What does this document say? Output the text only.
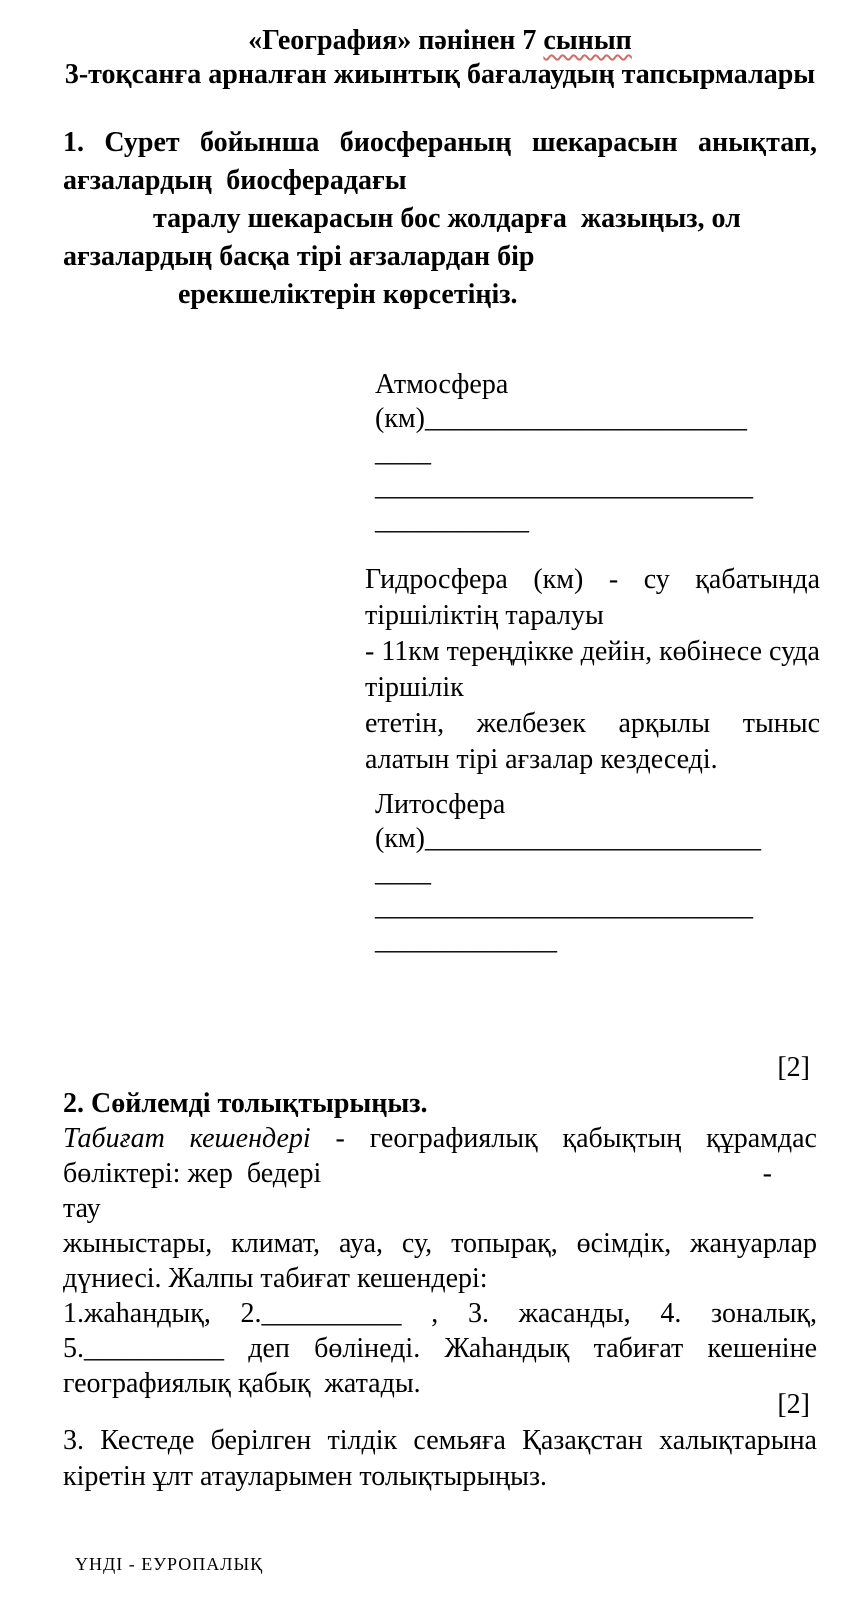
«География» пәнінен 7 сынып
3-тоқсанға арналған жиынтық бағалаудың тапсырмалары
1. Сурет бойынша биосфераның шекарасын анықтап,
ағзалардың  биосферадағы
таралу шекарасын бос жолдарға  жазыңыз, ол
ағзалардың басқа тірі ағзалардан бір
ерекшеліктерін көрсетіңіз.
Атмосфера
(км)_______________________
____
___________________________
___________
Гидросфера (км) - су қабатында
тіршіліктің таралуы
- 11км тереңдікке дейін, көбінесе суда
тіршілік
ететін, желбезек арқылы тыныс
алатын тірі ағзалар кездеседі.
Литосфера
(км)________________________
____
___________________________
_____________
[2]
2. Сөйлемді толықтырыңыз.
Табиғат кешендері - географиялық қабықтың құрамдас
бөліктері: жер  бедері	-
тау
жыныстары, климат, ауа, су, топырақ, өсімдік, жануарлар
дүниесі. Жалпы табиғат кешендері:
1.жаһандық, 2.__________ , 3. жасанды, 4. зоналық,
5.__________ деп бөлінеді. Жаһандық табиғат кешеніне
географиялық қабық  жатады.
[2]
3. Кестеде берілген тілдік семьяға Қазақстан халықтарына
кіретін ұлт атауларымен толықтырыңыз.
ҮНДІ - ЕУРОПАЛЫҚ
